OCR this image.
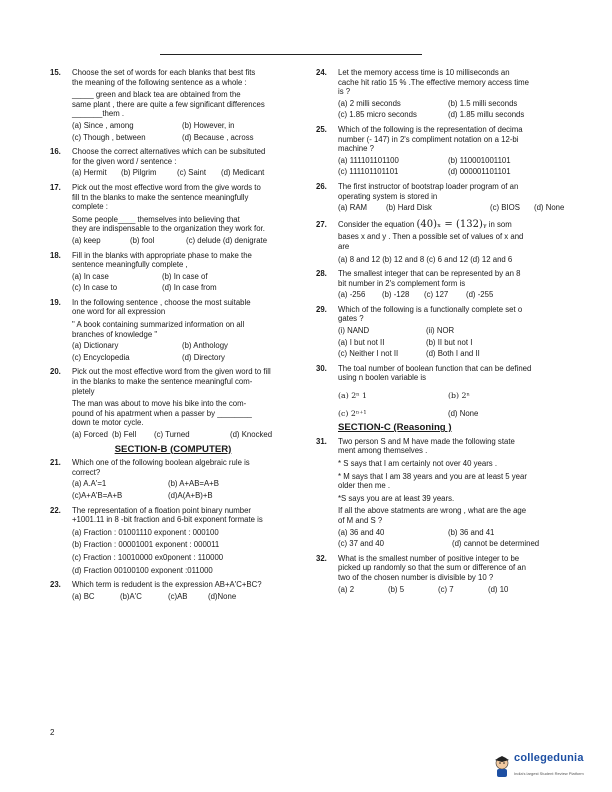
15. Choose the set of words for each blanks that best fits
the meaning of the following sentence as a whole :
_____ green and black tea are obtained from the
same plant , there are quite a few significant differences
_______them .
(a) Since , among	(b) However, in
(c) Though , between	(d) Because , across
16. Choose the correct alternatives which can be subsituted
for the given word / sentence :
(a) Hermit	(b) Pilgrim	(c) Saint	(d) Medicant
17. Pick out the most effective word from the give words to
fill tn the blanks to make the sentence meaningfully
complete :
Some people____ themselves into believing that
they are indispensable to the organization they work for.
(a) keep	(b) fool	(c) delude (d) denigrate
18. Fill in the blanks with appropriate phase to make the
sentence meaningfully complete ,
(a) In case	(b) In case of
(c) In case to	(d) In case from
19. In the following sentence , choose the most suitable
one word for all expression
" A book containing summarized information on all
branches of knowledge "
(a) Dictionary	(b) Anthology
(c) Encyclopedia	(d) Directory
20. Pick out the most effective word from the given word to fill
in the blanks to make the sentence meaningful com-
pletely
The man was about to move his bike into the com-
pound of his apatrment when a passer by ________
down te motor cycle.
(a) Forced (b) Fell	(c) Turned	(d) Knocked
SECTION-B (COMPUTER)
21. Which one of the following boolean algebraic rule is
correct?
(a) A.A'=1	(b) A+AB=A+B
(c)A+A'B=A+B	(d)A(A+B)+B
22. The representation of a floation point binary number
+1001.11 in 8 -bit fraction and 6-bit exponent formate is
(a) Fraction : 01001110 exponent : 000100
(b) Fraction : 00001001 exponent : 000011
(c) Fraction : 10010000 ex0ponent : 110000
(d) Fraction 00100100 exponent :011000
23. Which term is redudent is the expression AB+A'C+BC?
(a) BC	(b)A'C	(c)AB	(d)None
24. Let the memory access time is 10 milliseconds an
cache hit ratio 15 % .The effective memory access time
is ?
(a) 2 milli seconds	(b) 1.5 milli seconds
(c) 1.85 micro seconds	(d) 1.85 millu seconds
25. Which of the following is the representation of decima
number (- 147) in 2's compliment notation on a 12-bi
machine ?
(a) 111101101100	(b) 110001001101
(c) 111101101101	(d) 000001101101
26. The first instructor of bootstrap loader program of an
operating system is stored in
(a) RAM	(b) Hard Disk	(c) BIOS	(d) None
27. Consider the equation (40)ₓ = (132)ᵧ in som
bases x and y . Then a possible set of values of x and
are
(a) 8 and 12 (b) 12 and 8 (c) 6 and 12 (d) 12 and 6
28. The smallest integer that can be represented by an 8
bit number in 2's complement form is
(a) -256	(b) -128	(c) 127	(d) -255
29. Which of the following is a functionally complete set o
gates ?
(i) NAND	(ii) NOR
(a) I but not II	(b) II but not I
(c) Neither I not II	(d) Both I and II
30. The toal number of boolean function that can be defined
using n boolen variable is
(a) 2ⁿ 1	(b) 2ⁿ
(c) 2ⁿ⁺¹	(d) None
SECTION-C (Reasoning )
31. Two person S and M have made the following state
ment among themselves .
* S says that I am certainly not over 40 years .
* M says that I am 38 years and you are at least 5 year
older then me .
*S says you are at least 39 years.
If all the above statments are wrong , what are the age
of M and S ?
(a) 36 and 40	(b) 36 and 41
(c) 37 and 40	(d) cannot be determined
32. What is the smallest number of positive integer to be
picked up randomly so that the sum or difference of an
two of the chosen number is divisible by 10 ?
(a) 2	(b) 5	(c) 7	(d) 10
2
collegedunia
India's largest Student Review Platform
